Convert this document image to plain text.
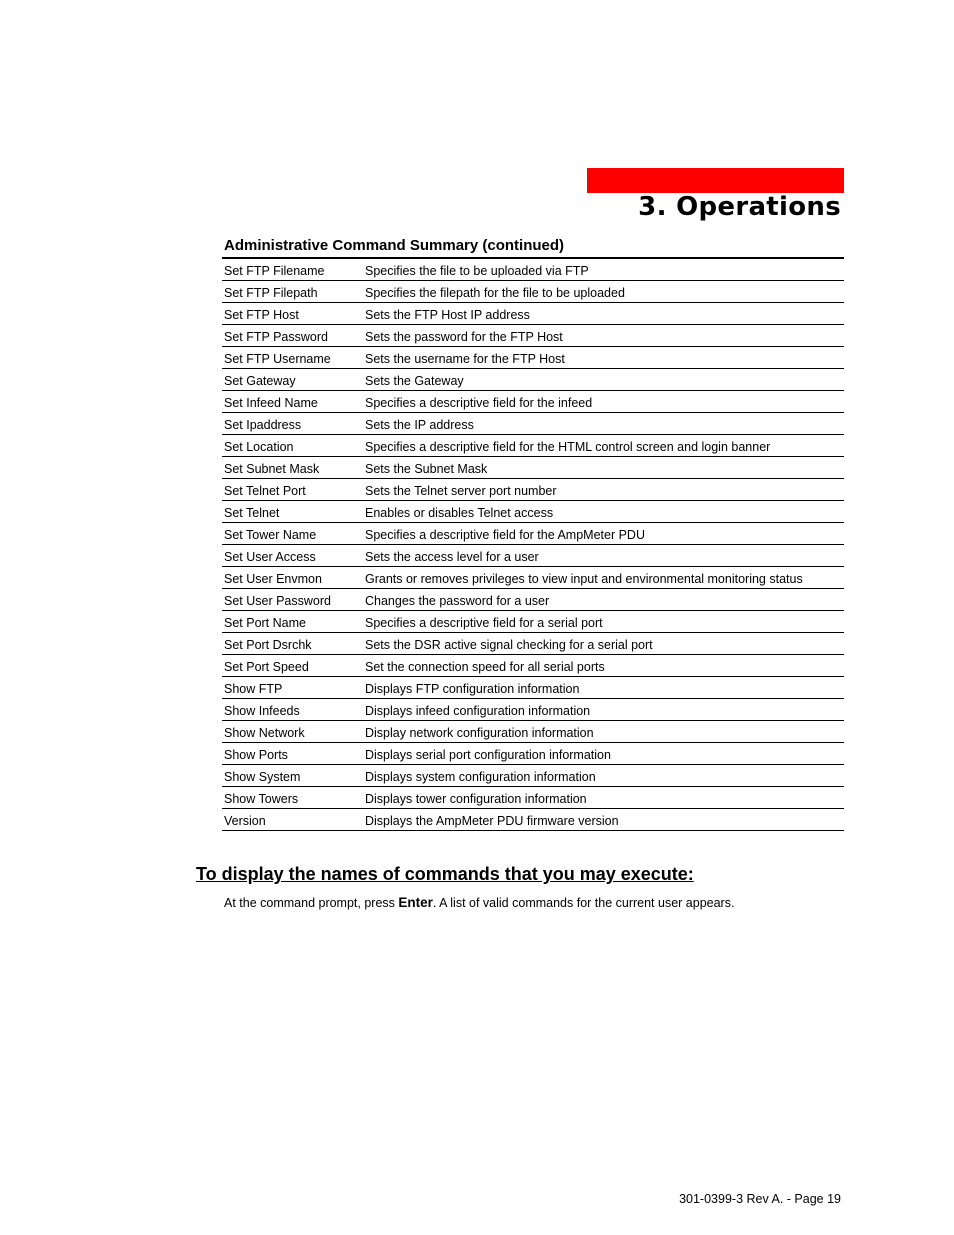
3. Operations
Administrative Command Summary (continued)
Set FTP Filename	Specifies the file to be uploaded via FTP
Set FTP Filepath	Specifies the filepath for the file to be uploaded
Set FTP Host	Sets the FTP Host IP address
Set FTP Password	Sets the password for the FTP Host
Set FTP Username	Sets the username for the FTP Host
Set Gateway	Sets the Gateway
Set Infeed Name	Specifies a descriptive field for the infeed
Set Ipaddress	Sets the IP address
Set Location	Specifies a descriptive field for the HTML control screen and login banner
Set Subnet Mask	Sets the Subnet Mask
Set Telnet Port	Sets the Telnet server port number
Set Telnet	Enables or disables Telnet access
Set Tower Name	Specifies a descriptive field for the AmpMeter PDU
Set User Access	Sets the access level for a user
Set User Envmon	Grants or removes privileges to view input and environmental monitoring status
Set User Password	Changes the password for a user
Set Port Name	Specifies a descriptive field for a serial port
Set Port Dsrchk	Sets the DSR active signal checking for a serial port
Set Port Speed	Set the connection speed for all serial ports
Show FTP	Displays FTP configuration information
Show Infeeds	Displays infeed configuration information
Show Network	Display network configuration information
Show Ports	Displays serial port configuration information
Show System	Displays system configuration information
Show Towers	Displays tower configuration information
Version	Displays the AmpMeter PDU firmware version
To display the names of commands that you may execute:
At the command prompt, press Enter. A list of valid commands for the current user appears.
301-0399-3 Rev A. - Page 19
